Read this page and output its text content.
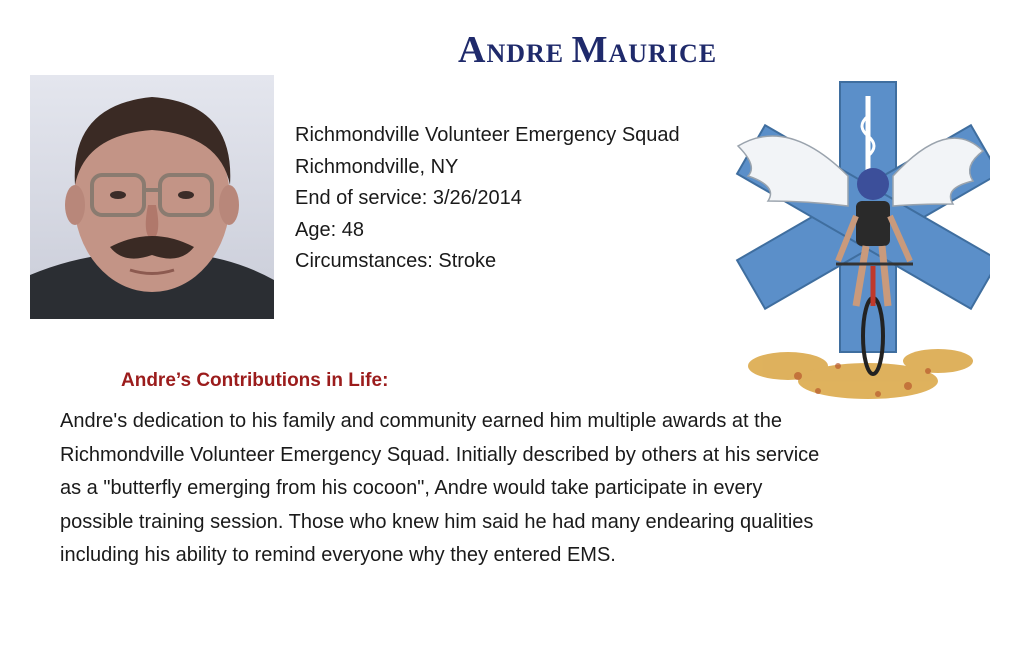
ANDRE MAURICE
Richmondville Volunteer Emergency Squad
Richmondville, NY
End of service: 3/26/2014
Age: 48
Circumstances: Stroke
Andre’s Contributions in Life:
Andre's dedication to his family and community earned him multiple awards at the
Richmondville Volunteer Emergency Squad. Initially described by others at his service
as a "butterfly emerging from his cocoon", Andre would take participate in every
possible training session. Those who knew him said he had many endearing qualities
including his ability to remind everyone why they entered EMS.
